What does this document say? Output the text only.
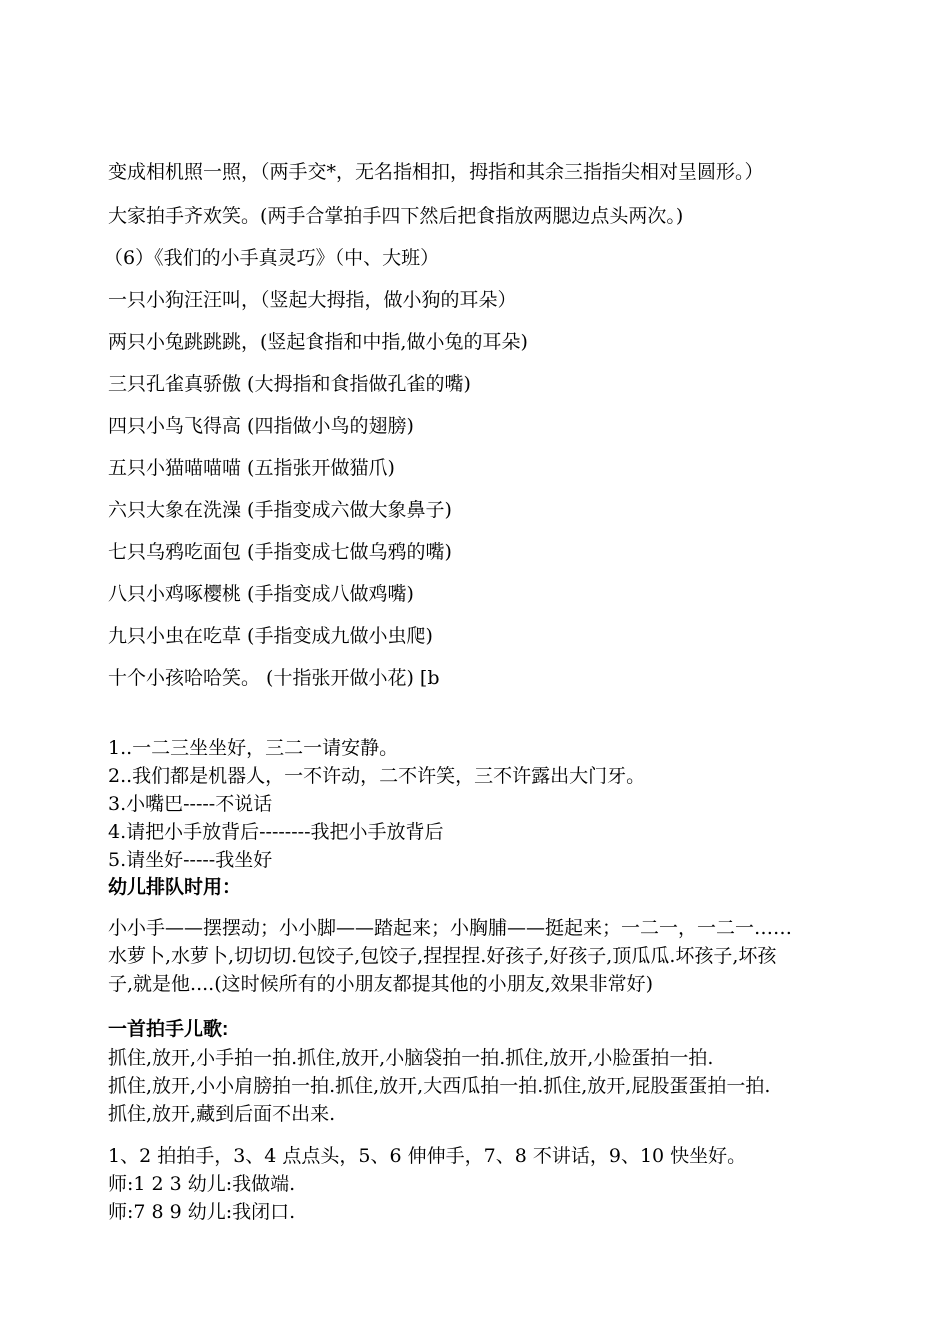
变成相机照一照，（两手交*，无名指相扣，拇指和其余三指指尖相对呈圆形。）
大家拍手齐欢笑。(两手合掌拍手四下然后把食指放两腮边点头两次。)
（6）《我们的小手真灵巧》（中、大班）
一只小狗汪汪叫，（竖起大拇指，做小狗的耳朵）
两只小兔跳跳跳，(竖起食指和中指,做小兔的耳朵)
三只孔雀真骄傲 (大拇指和食指做孔雀的嘴)
四只小鸟飞得高 (四指做小鸟的翅膀)
五只小猫喵喵喵 (五指张开做猫爪)
六只大象在洗澡 (手指变成六做大象鼻子)
七只乌鸦吃面包 (手指变成七做乌鸦的嘴)
八只小鸡啄樱桃 (手指变成八做鸡嘴)
九只小虫在吃草 (手指变成九做小虫爬)
十个小孩哈哈笑。 (十指张开做小花) [b
1..一二三坐坐好，三二一请安静。
2..我们都是机器人，一不许动，二不许笑，三不许露出大门牙。
3.小嘴巴-----不说话
4.请把小手放背后--------我把小手放背后
5.请坐好-----我坐好
幼儿排队时用：
小小手——摆摆动；小小脚——踏起来；小胸脯——挺起来；一二一，一二一……
水萝卜,水萝卜,切切切.包饺子,包饺子,捏捏捏.好孩子,好孩子,顶瓜瓜.坏孩子,坏孩
子,就是他....(这时候所有的小朋友都提其他的小朋友,效果非常好)
一首拍手儿歌:
抓住,放开,小手拍一拍.抓住,放开,小脑袋拍一拍.抓住,放开,小脸蛋拍一拍.
抓住,放开,小小肩膀拍一拍.抓住,放开,大西瓜拍一拍.抓住,放开,屁股蛋蛋拍一拍.
抓住,放开,藏到后面不出来.
1、2 拍拍手，3、4 点点头，5、6 伸伸手，7、8 不讲话，9、10 快坐好。
师:1 2 3 幼儿:我做端.
师:7 8 9 幼儿:我闭口.
